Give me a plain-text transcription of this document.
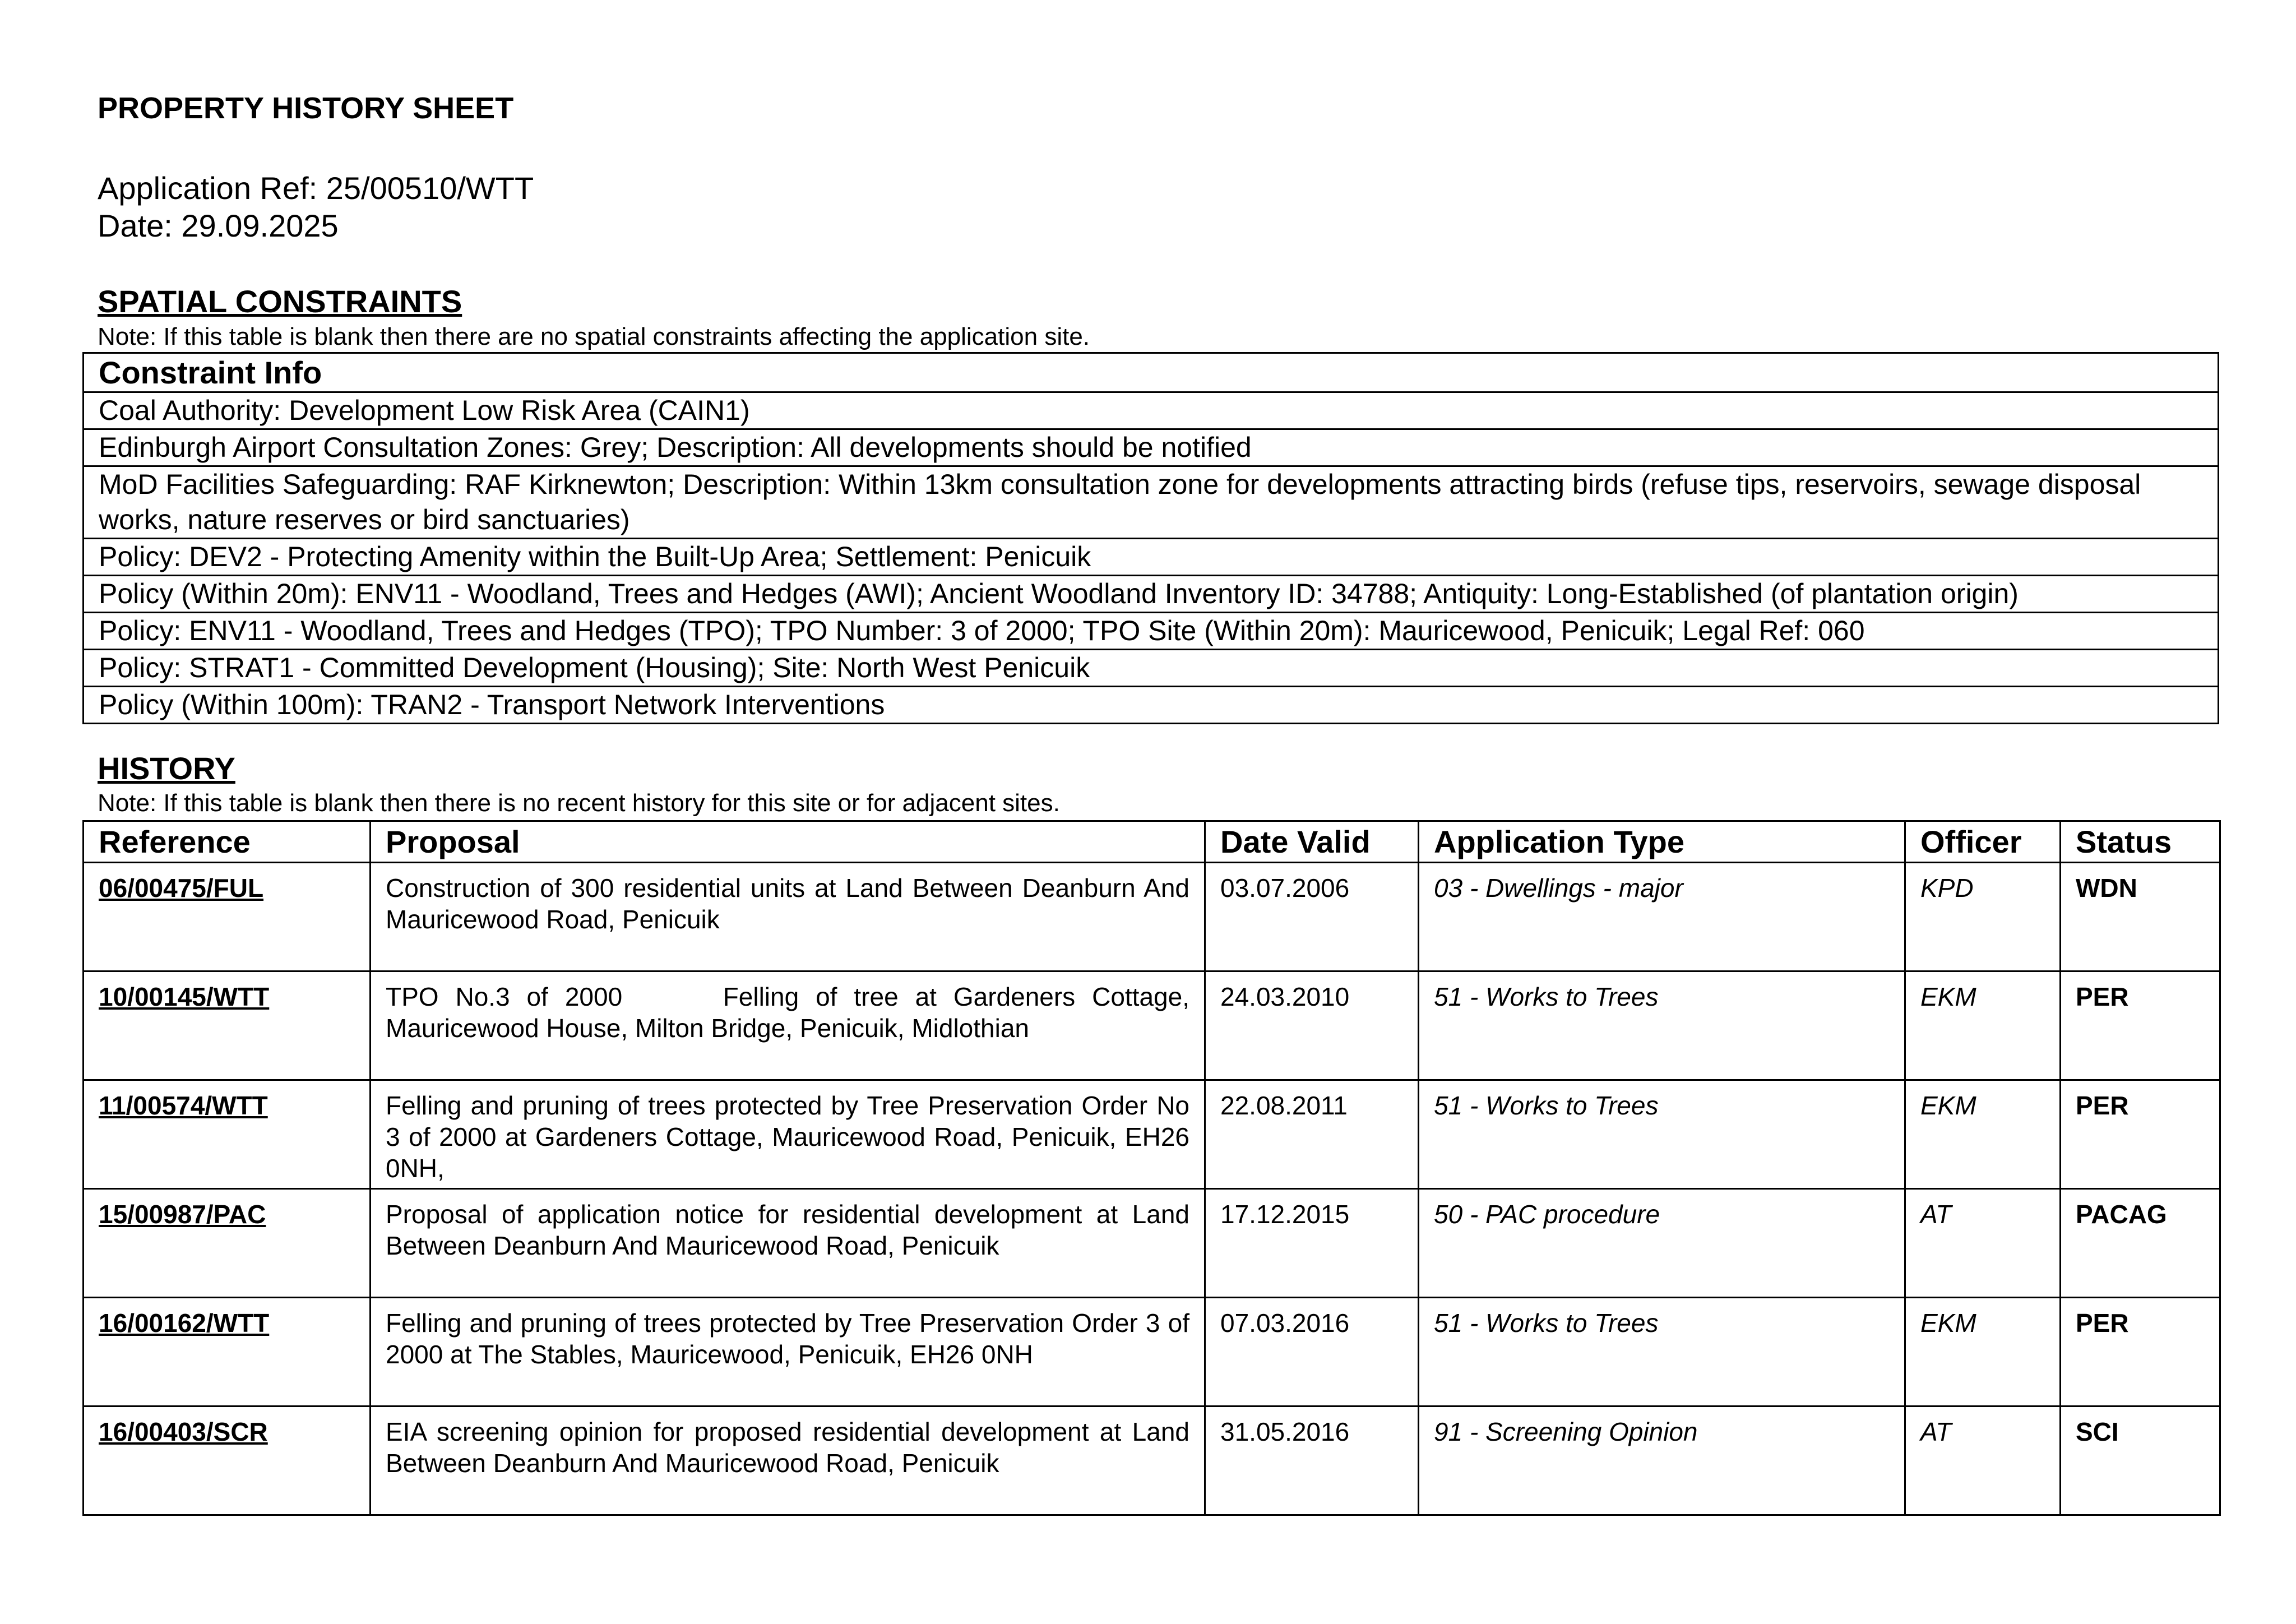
PROPERTY HISTORY SHEET
Application Ref: 25/00510/WTT
Date: 29.09.2025
SPATIAL CONSTRAINTS
Note: If this table is blank then there are no spatial constraints affecting the application site.
Constraint Info
Coal Authority: Development Low Risk Area (CAIN1)
Edinburgh Airport Consultation Zones: Grey; Description: All developments should be notified
MoD Facilities Safeguarding: RAF Kirknewton; Description: Within 13km consultation zone for developments attracting birds (refuse tips, reservoirs, sewage disposal works, nature reserves or bird sanctuaries)
Policy: DEV2 - Protecting Amenity within the Built-Up Area; Settlement: Penicuik
Policy (Within 20m): ENV11 - Woodland, Trees and Hedges (AWI); Ancient Woodland Inventory ID: 34788; Antiquity: Long-Established (of plantation origin)
Policy: ENV11 - Woodland, Trees and Hedges (TPO); TPO Number: 3 of 2000; TPO Site (Within 20m): Mauricewood, Penicuik; Legal Ref: 060
Policy: STRAT1 - Committed Development (Housing); Site: North West Penicuik
Policy (Within 100m): TRAN2 - Transport Network Interventions
HISTORY
Note: If this table is blank then there is no recent history for this site or for adjacent sites.
Reference	Proposal	Date Valid	Application Type	Officer	Status
06/00475/FUL	Construction of 300 residential units at Land Between Deanburn And Mauricewood Road, Penicuik	03.07.2006	03 - Dwellings - major	KPD	WDN
10/00145/WTT	TPO No.3 of 2000      Felling of tree at Gardeners Cottage, Mauricewood House, Milton Bridge, Penicuik, Midlothian	24.03.2010	51 - Works to Trees	EKM	PER
11/00574/WTT	Felling and pruning of trees protected by Tree Preservation Order No 3 of 2000 at Gardeners Cottage, Mauricewood Road, Penicuik, EH26 0NH,	22.08.2011	51 - Works to Trees	EKM	PER
15/00987/PAC	Proposal of application notice for residential development at Land Between Deanburn And Mauricewood Road, Penicuik	17.12.2015	50 - PAC procedure	AT	PACAG
16/00162/WTT	Felling and pruning of trees protected by Tree Preservation Order 3 of 2000 at The Stables, Mauricewood, Penicuik, EH26 0NH	07.03.2016	51 - Works to Trees	EKM	PER
16/00403/SCR	EIA screening opinion for proposed residential development at Land Between Deanburn And Mauricewood Road, Penicuik	31.05.2016	91 - Screening Opinion	AT	SCI
